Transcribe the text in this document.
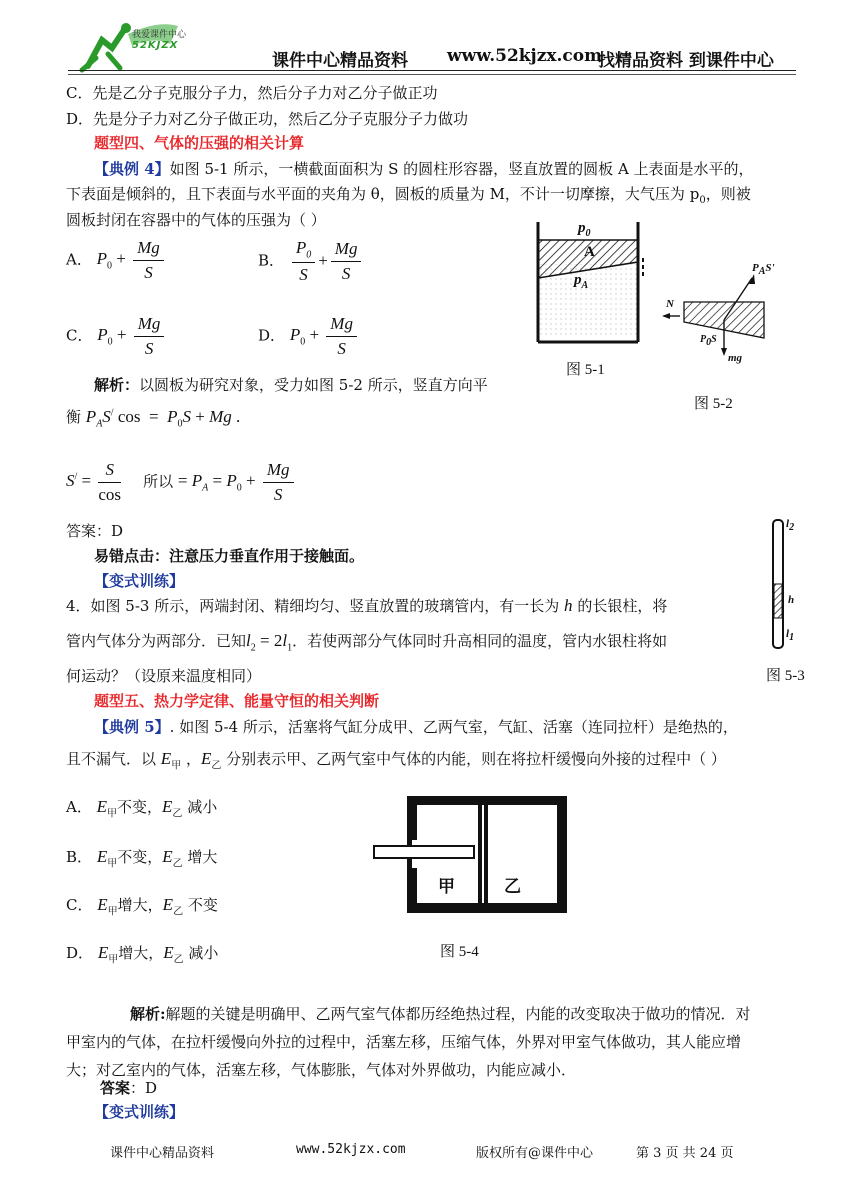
我爱课件中心
52KJZX
课件中心精品资料 www.52kjzx.com
找精品资料 到课件中心
C．先是乙分子克服分子力，然后分子力对乙分子做正功
D．先是分子力对乙分子做正功，然后乙分子克服分子力做功
题型四、气体的压强的相关计算
【典例 4】如图 5-1 所示，一横截面面积为 S 的圆柱形容器，竖直放置的圆板 A 上表面是水平的，
下表面是倾斜的，且下表面与水平面的夹角为 θ，圆板的质量为 M，不计一切摩擦，大气压为 $p_0$，则被
圆板封闭在容器中的气体的压强为（ ）
A． $P_0 + \frac{Mg}{S}$	B． $\frac{P_0}{S} + \frac{Mg}{S}$
C． $P_0 + \frac{Mg}{S}$	D． $P_0 + \frac{Mg}{S}$
解析：以圆板为研究对象，受力如图 5-2 所示，竖直方向平
衡 $P_AS^/$ $\cos = P_0S + Mg$ .
$S^/ = \frac{S}{\cos}$ 所以 = $P_A = P_0 + \frac{Mg}{S}$
答案：D
易错点击：注意压力垂直作用于接触面。
【变式训练】
4．如图 5-3 所示，两端封闭、精细均匀、竖直放置的玻璃管内，有一长为 h 的长银柱，将
管内气体分为两部分．已知$l_2 = 2l_1$．若使两部分气体同时升高相同的温度，管内水银柱将如
何运动？（设原来温度相同）
题型五、热力学定律、能量守恒的相关判断
【典例 5】. 如图 5-4 所示，活塞将气缸分成甲、乙两气室，气缸、活塞（连同拉杆）是绝热的，
且不漏气．以 $E_甲$ ，$E_乙$ 分别表示甲、乙两气室中气体的内能，则在将拉杆缓慢向外接的过程中（ ）
A． $E_甲$不变，$E_乙$ 减小
B． $E_甲$不变，$E_乙$ 增大
C． $E_甲$增大，$E_乙$ 不变
D． $E_甲$增大，$E_乙$ 减小
解析:解题的关键是明确甲、乙两气室气体都历经绝热过程，内能的改变取决于做功的情况．对
甲室内的气体，在拉杆缓慢向外拉的过程中，活塞左移，压缩气体，外界对甲室气体做功，其人能应增
大；对乙室内的气体，活塞左移，气体膨胀，气体对外界做功，内能应减小．
答案：D
【变式训练】
$p_0$
A
$p_A$
图 5-1
$P_AS'$
N
$P_0S$
mg
图 5-2
$l_2$
h
$l_1$
图 5-3
甲	乙
图 5-4
课件中心精品资料	www.52kjzx.com	版权所有@课件中心	第 3 页 共 24 页
